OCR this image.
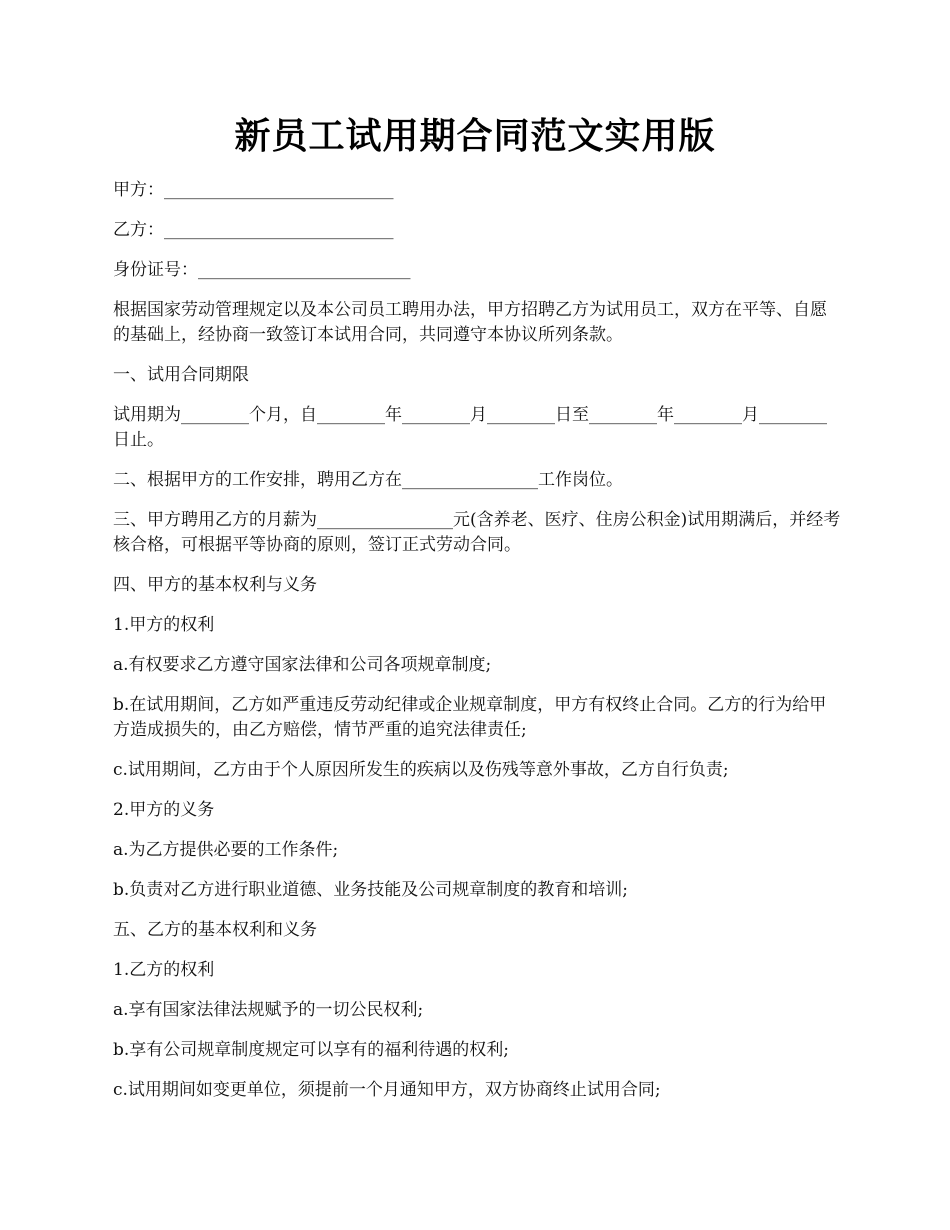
新员工试用期合同范文实用版

甲方：___________________________

乙方：___________________________

身份证号：_________________________

根据国家劳动管理规定以及本公司员工聘用办法，甲方招聘乙方为试用员工，双方在平等、自愿的基础上，经协商一致签订本试用合同，共同遵守本协议所列条款。

一、试用合同期限

试用期为________个月，自________年________月________日至________年________月________日止。

二、根据甲方的工作安排，聘用乙方在________________工作岗位。

三、甲方聘用乙方的月薪为________________元(含养老、医疗、住房公积金)试用期满后，并经考核合格，可根据平等协商的原则，签订正式劳动合同。

四、甲方的基本权利与义务

1.甲方的权利

a.有权要求乙方遵守国家法律和公司各项规章制度;

b.在试用期间，乙方如严重违反劳动纪律或企业规章制度，甲方有权终止合同。乙方的行为给甲方造成损失的，由乙方赔偿，情节严重的追究法律责任;

c.试用期间，乙方由于个人原因所发生的疾病以及伤残等意外事故，乙方自行负责;

2.甲方的义务

a.为乙方提供必要的工作条件;

b.负责对乙方进行职业道德、业务技能及公司规章制度的教育和培训;

五、乙方的基本权利和义务

1.乙方的权利

a.享有国家法律法规赋予的一切公民权利;

b.享有公司规章制度规定可以享有的福利待遇的权利;

c.试用期间如变更单位，须提前一个月通知甲方，双方协商终止试用合同;
